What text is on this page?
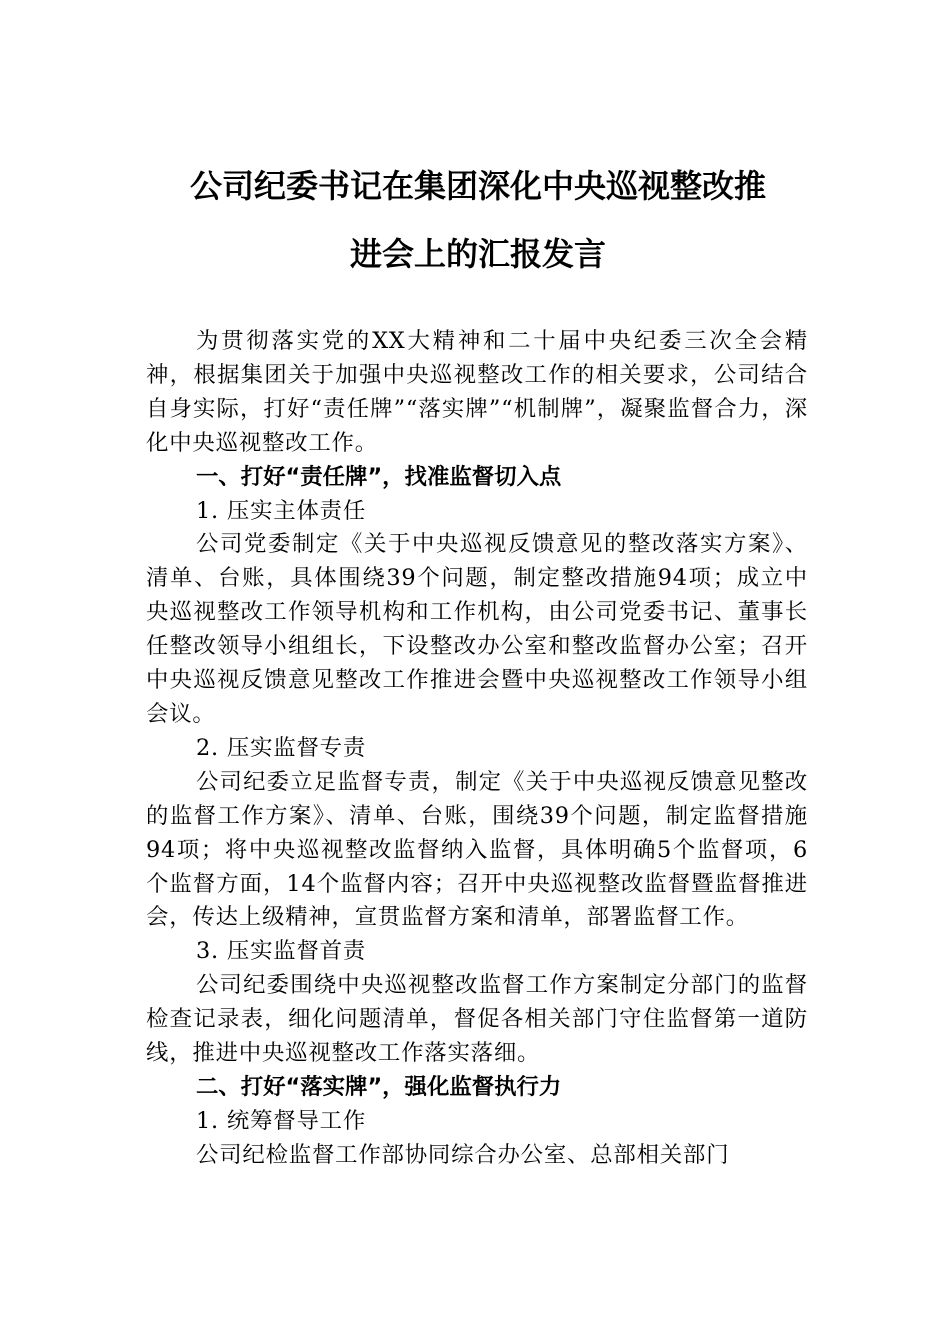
公司纪委书记在集团深化中央巡视整改推
进会上的汇报发言

为贯彻落实党的XX大精神和二十届中央纪委三次全会精神，根据集团关于加强中央巡视整改工作的相关要求，公司结合自身实际，打好“责任牌”“落实牌”“机制牌”，凝聚监督合力，深化中央巡视整改工作。

一、打好“责任牌”，找准监督切入点

1. 压实主体责任

公司党委制定《关于中央巡视反馈意见的整改落实方案》、清单、台账，具体围绕39个问题，制定整改措施94项；成立中央巡视整改工作领导机构和工作机构，由公司党委书记、董事长任整改领导小组组长，下设整改办公室和整改监督办公室；召开中央巡视反馈意见整改工作推进会暨中央巡视整改工作领导小组会议。

2. 压实监督专责

公司纪委立足监督专责，制定《关于中央巡视反馈意见整改的监督工作方案》、清单、台账，围绕39个问题，制定监督措施94项；将中央巡视整改监督纳入监督，具体明确5个监督项，6个监督方面，14个监督内容；召开中央巡视整改监督暨监督推进会，传达上级精神，宣贯监督方案和清单，部署监督工作。

3. 压实监督首责

公司纪委围绕中央巡视整改监督工作方案制定分部门的监督检查记录表，细化问题清单，督促各相关部门守住监督第一道防线，推进中央巡视整改工作落实落细。

二、打好“落实牌”，强化监督执行力

1. 统筹督导工作

公司纪检监督工作部协同综合办公室、总部相关部门
